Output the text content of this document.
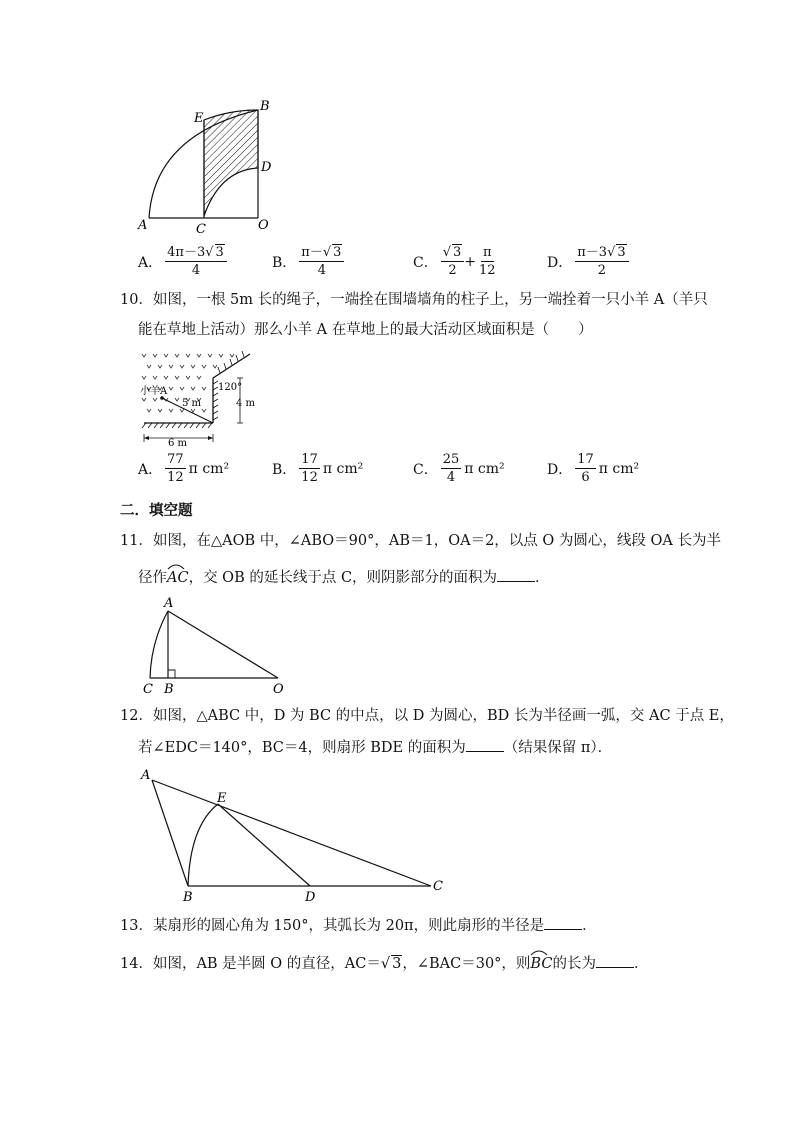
E
B
D
A	C	O
A． $\frac{4\pi-3√ 3}{4}$	B． $\frac{\pi-√ 3}{4}$	C． $\frac{√ 3}{2} + \frac{\pi}{12}$	D． $\frac{\pi-3√ 3}{2}$
10．如图，一根 5m 长的绳子，一端拴在围墙墙角的柱子上，另一端拴着一只小羊 A（羊只
能在草地上活动）那么小羊 A 在草地上的最大活动区域面积是（　　）
小羊A
5 m
120°
4 m
6 m
A． $\frac{77}{12}$ π cm²	B． $\frac{17}{12}$ π cm²	C． $\frac{25}{4}$ π cm²	D． $\frac{17}{6}$ π cm²
二．填空题
11．如图，在△AOB 中，∠ABO＝90°，AB＝1，OA＝2，以点 O 为圆心，线段 OA 长为半
径作
AC，交 OB 的延长线于点 C，则阴影部分的面积为	．
A
C B	O
12．如图，△ABC 中，D 为 BC 的中点，以 D 为圆心，BD 长为半径画一弧，交 AC 于点 E，
若∠EDC＝140°，BC＝4，则扇形 BDE 的面积为	（结果保留 π）．
A
E
B	D
C
13．某扇形的圆心角为 150°，其弧长为 20π，则此扇形的半径是	．
14．如图，AB 是半圆 O 的直径，AC＝√ 3，∠BAC＝30°，则
BC的长为	．
